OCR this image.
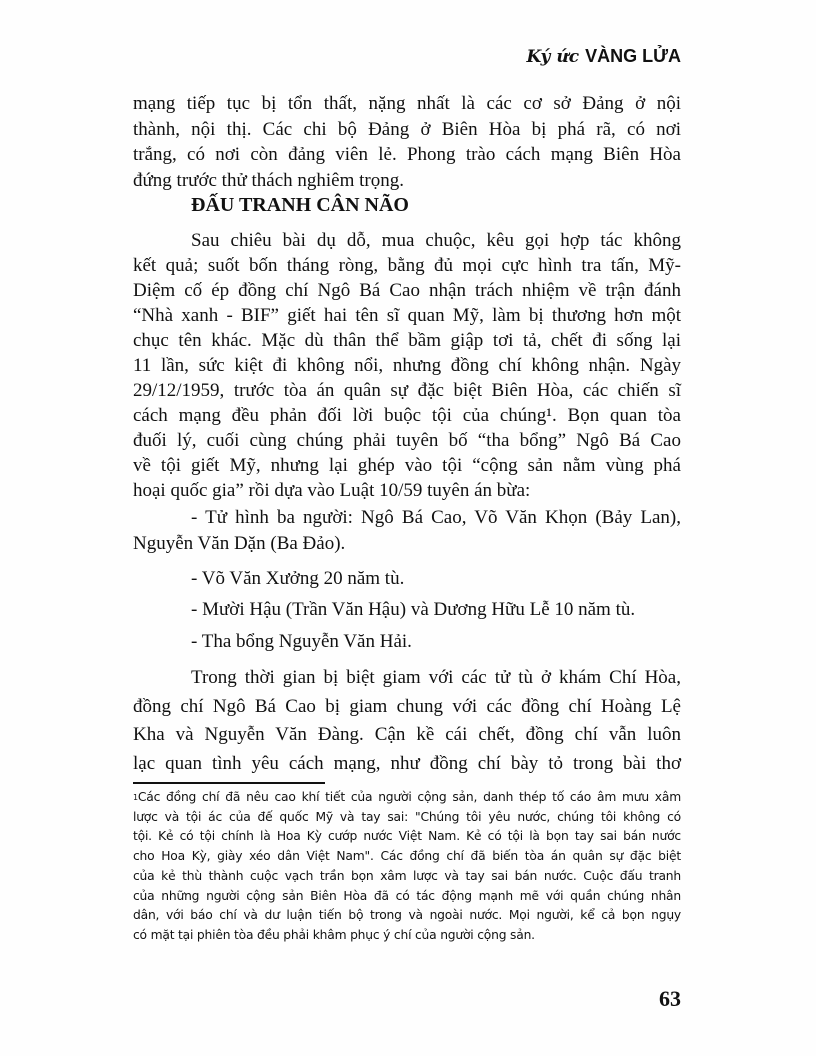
Ký ức VÀNG LỬA
mạng tiếp tục bị tổn thất, nặng nhất là các cơ sở Đảng ở nội
thành, nội thị. Các chi bộ Đảng ở Biên Hòa bị phá rã, có nơi
trắng, có nơi còn đảng viên lẻ. Phong trào cách mạng Biên Hòa
đứng trước thử thách nghiêm trọng.
ĐẤU TRANH CÂN NÃO
Sau chiêu bài dụ dỗ, mua chuộc, kêu gọi hợp tác không
kết quả; suốt bốn tháng ròng, bằng đủ mọi cực hình tra tấn, Mỹ-
Diệm cố ép đồng chí Ngô Bá Cao nhận trách nhiệm về trận đánh
“Nhà xanh - BIF” giết hai tên sĩ quan Mỹ, làm bị thương hơn một
chục tên khác. Mặc dù thân thể bầm giập tơi tả, chết đi sống lại
11 lần, sức kiệt đi không nổi, nhưng đồng chí không nhận. Ngày
29/12/1959, trước tòa án quân sự đặc biệt Biên Hòa, các chiến sĩ
cách mạng đều phản đối lời buộc tội của chúng¹. Bọn quan tòa
đuối lý, cuối cùng chúng phải tuyên bố “tha bổng” Ngô Bá Cao
về tội giết Mỹ, nhưng lại ghép vào tội “cộng sản nằm vùng phá
hoại quốc gia” rồi dựa vào Luật 10/59 tuyên án bừa:
- Tử hình ba người: Ngô Bá Cao, Võ Văn Khọn (Bảy Lan),
Nguyễn Văn Dặn (Ba Đảo).
- Võ Văn Xưởng 20 năm tù.
- Mười Hậu (Trần Văn Hậu) và Dương Hữu Lễ 10 năm tù.
- Tha bổng Nguyễn Văn Hải.
Trong thời gian bị biệt giam với các tử tù ở khám Chí Hòa,
đồng chí Ngô Bá Cao bị giam chung với các đồng chí Hoàng Lệ
Kha và Nguyễn Văn Đàng. Cận kề cái chết, đồng chí vẫn luôn
lạc quan tình yêu cách mạng, như đồng chí bày tỏ trong bài thơ
$^1$Các đồng chí đã nêu cao khí tiết của người cộng sản, danh thép tố cáo âm mưu xâm
lược và tội ác của đế quốc Mỹ và tay sai: "Chúng tôi yêu nước, chúng tôi không có
tội. Kẻ có tội chính là Hoa Kỳ cướp nước Việt Nam. Kẻ có tội là bọn tay sai bán nước
cho Hoa Kỳ, giày xéo dân Việt Nam". Các đồng chí đã biến tòa án quân sự đặc biệt
của kẻ thù thành cuộc vạch trần bọn xâm lược và tay sai bán nước. Cuộc đấu tranh
của những người cộng sản Biên Hòa đã có tác động mạnh mẽ với quần chúng nhân
dân, với báo chí và dư luận tiến bộ trong và ngoài nước. Mọi người, kể cả bọn ngụy
có mặt tại phiên tòa đều phải khâm phục ý chí của người cộng sản.
63
